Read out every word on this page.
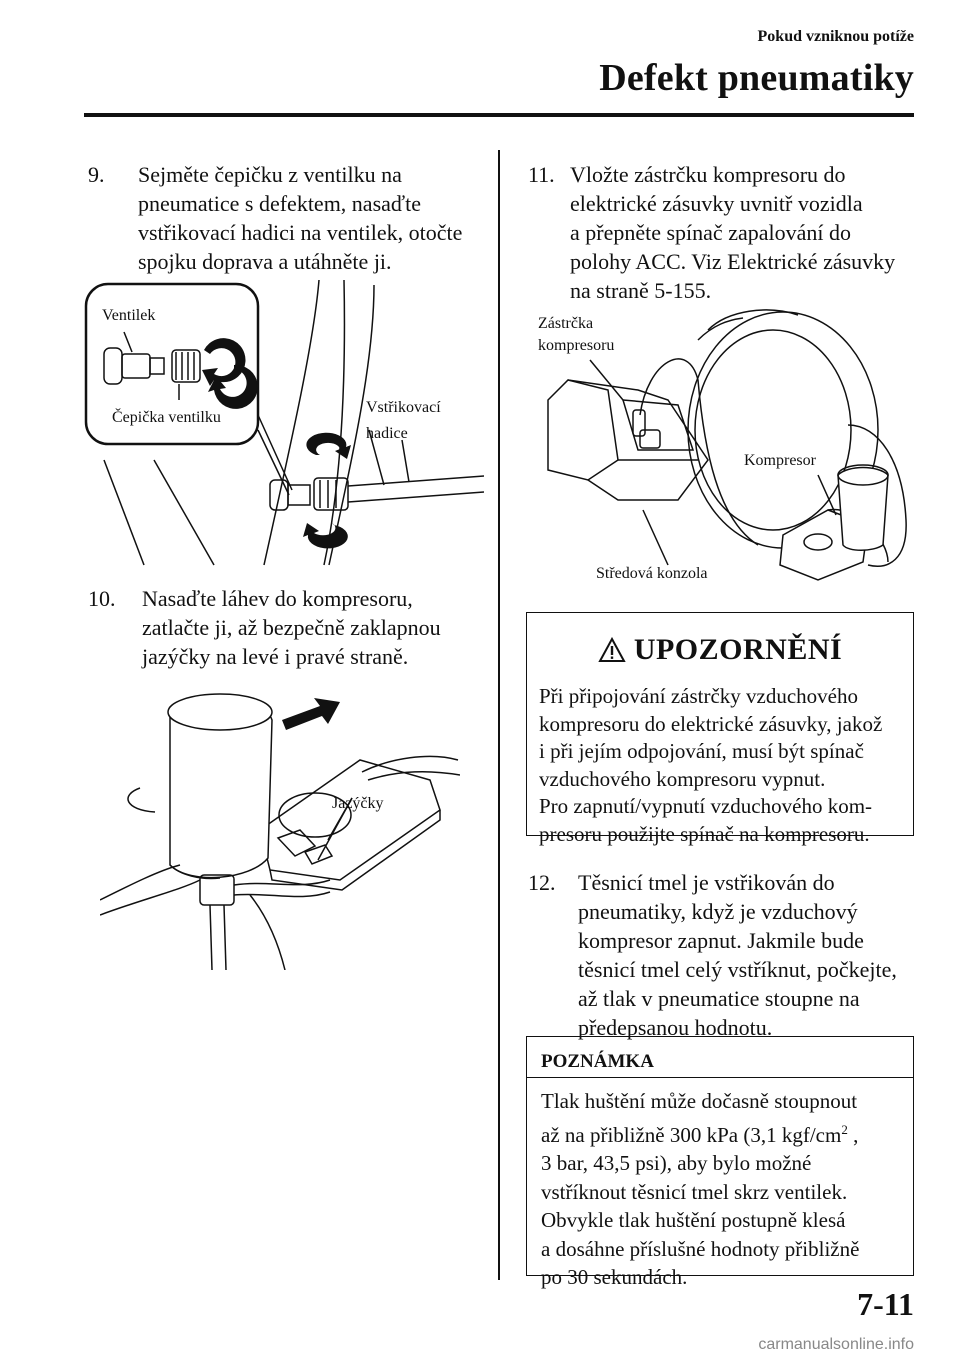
Pokud vzniknou potíže
Defekt pneumatiky
9. Sejměte čepičku z ventilku na
pneumatice s defektem, nasaďte
vstřikovací hadici na ventilek, otočte
spojku doprava a utáhněte ji.
Ventilek
Čepička ventilku
Vstřikovací
hadice
10. Nasaďte láhev do kompresoru,
zatlačte ji, až bezpečně zaklapnou
jazýčky na levé i pravé straně.
Jazýčky
11. Vložte zástrčku kompresoru do
elektrické zásuvky uvnitř vozidla
a přepněte spínač zapalování do
polohy ACC. Viz Elektrické zásuvky
na straně 5-155.
Zástrčka
kompresoru
Kompresor
Středová konzola
UPOZORNĚNÍ
Při připojování zástrčky vzduchového
kompresoru do elektrické zásuvky, jakož
i při jejím odpojování, musí být spínač
vzduchového kompresoru vypnut.
Pro zapnutí/vypnutí vzduchového kom-
presoru použijte spínač na kompresoru.
12. Těsnicí tmel je vstřikován do
pneumatiky, když je vzduchový
kompresor zapnut. Jakmile bude
těsnicí tmel celý vstříknut, počkejte,
až tlak v pneumatice stoupne na
předepsanou hodnotu.
POZNÁMKA
Tlak huštění může dočasně stoupnout
až na přibližně 300 kPa (3,1 kgf/$cm^2$ ,
3 bar, 43,5 psi), aby bylo možné
vstříknout těsnicí tmel skrz ventilek.
Obvykle tlak huštění postupně klesá
a dosáhne příslušné hodnoty přibližně
po 30 sekundách.
7-11
carmanualsonline.info
